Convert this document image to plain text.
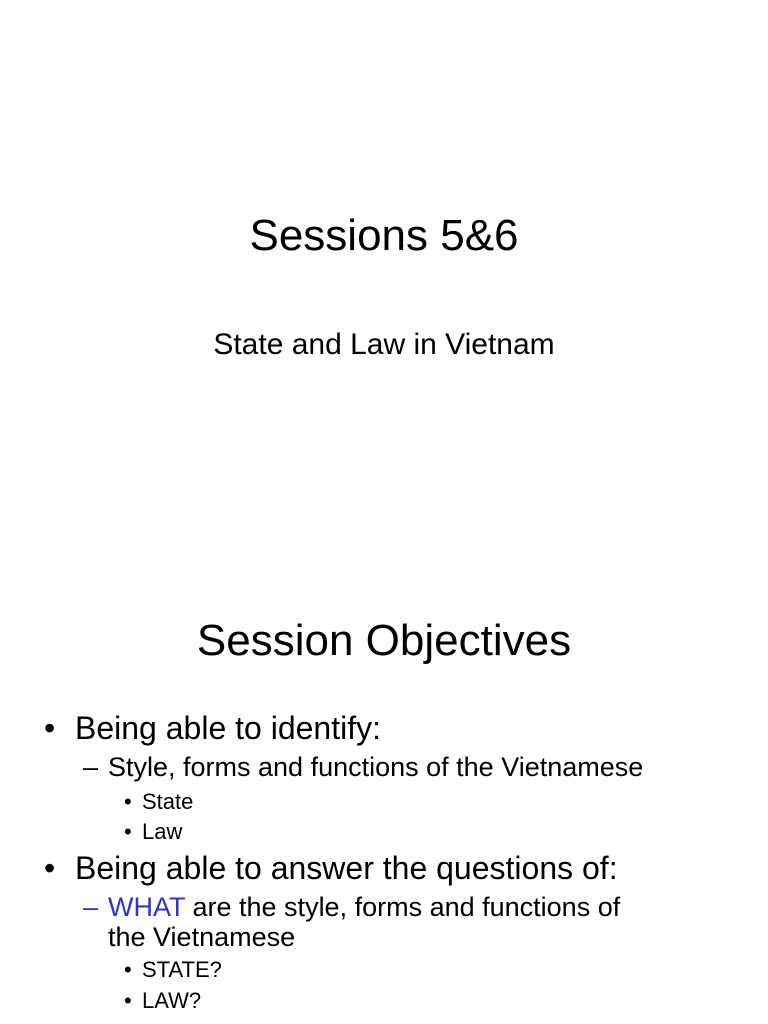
Sessions 5&6
State and Law in Vietnam
Session Objectives
• Being able to identify:
– Style, forms and functions of the Vietnamese
• State
• Law
• Being able to answer the questions of:
– WHAT are the style, forms and functions of
the Vietnamese
• STATE?
• LAW?
